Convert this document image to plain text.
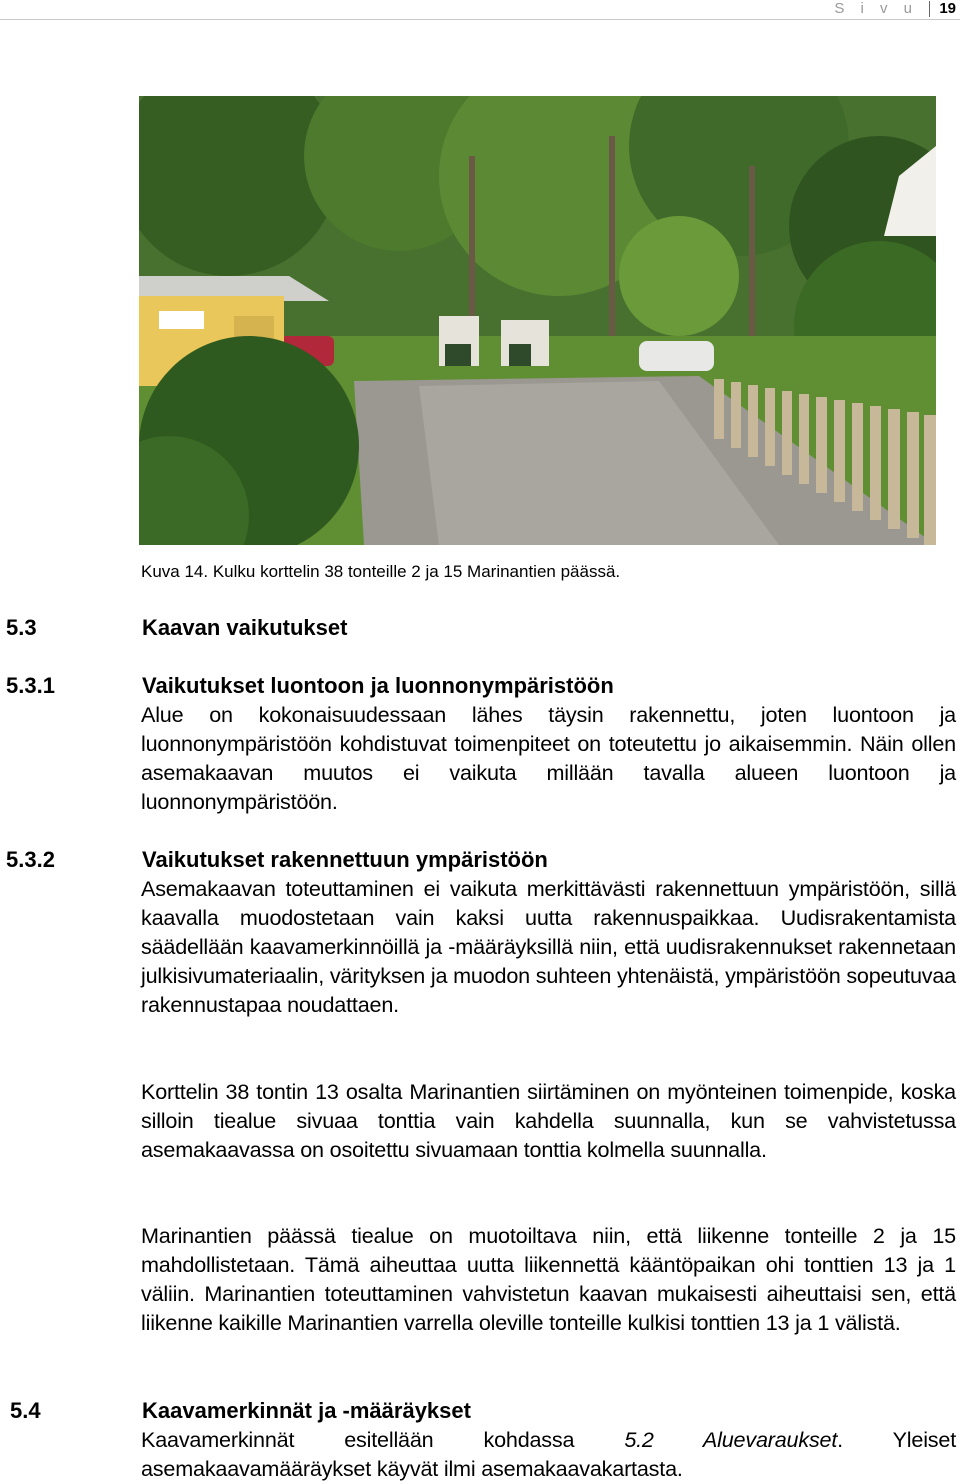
S i v u 19
Kuva 14. Kulku korttelin 38 tonteille 2 ja 15 Marinantien päässä.
5.3	Kaavan vaikutukset
5.3.1	Vaikutukset luontoon ja luonnonympäristöön
Alue on kokonaisuudessaan lähes täysin rakennettu, joten luontoon ja luonnonympäristöön kohdistuvat toimenpiteet on toteutettu jo aikaisemmin. Näin ollen asemakaavan muutos ei vaikuta millään tavalla alueen luontoon ja luonnonympäristöön.
5.3.2	Vaikutukset rakennettuun ympäristöön
Asemakaavan toteuttaminen ei vaikuta merkittävästi rakennettuun ympäristöön, sillä kaavalla muodostetaan vain kaksi uutta rakennuspaikkaa. Uudisrakentamista säädellään kaavamerkinnöillä ja -määräyksillä niin, että uudisrakennukset rakennetaan julkisivumateriaalin, värityksen ja muodon suhteen yhtenäistä, ympäristöön sopeutuvaa rakennustapaa noudattaen.
Korttelin 38 tontin 13 osalta Marinantien siirtäminen on myönteinen toimenpide, koska silloin tiealue sivuaa tonttia vain kahdella suunnalla, kun se vahvistetussa asemakaavassa on osoitettu sivuamaan tonttia kolmella suunnalla.
Marinantien päässä tiealue on muotoiltava niin, että liikenne tonteille 2 ja 15 mahdollistetaan. Tämä aiheuttaa uutta liikennettä kääntöpaikan ohi tonttien 13 ja 1 väliin. Marinantien toteuttaminen vahvistetun kaavan mukaisesti aiheuttaisi sen, että liikenne kaikille Marinantien varrella oleville tonteille kulkisi tonttien 13 ja 1 välistä.
5.4	Kaavamerkinnät ja -määräykset
Kaavamerkinnät esitellään kohdassa 5.2 Aluevaraukset. Yleiset asemakaavamääräykset käyvät ilmi asemakaavakartasta.
